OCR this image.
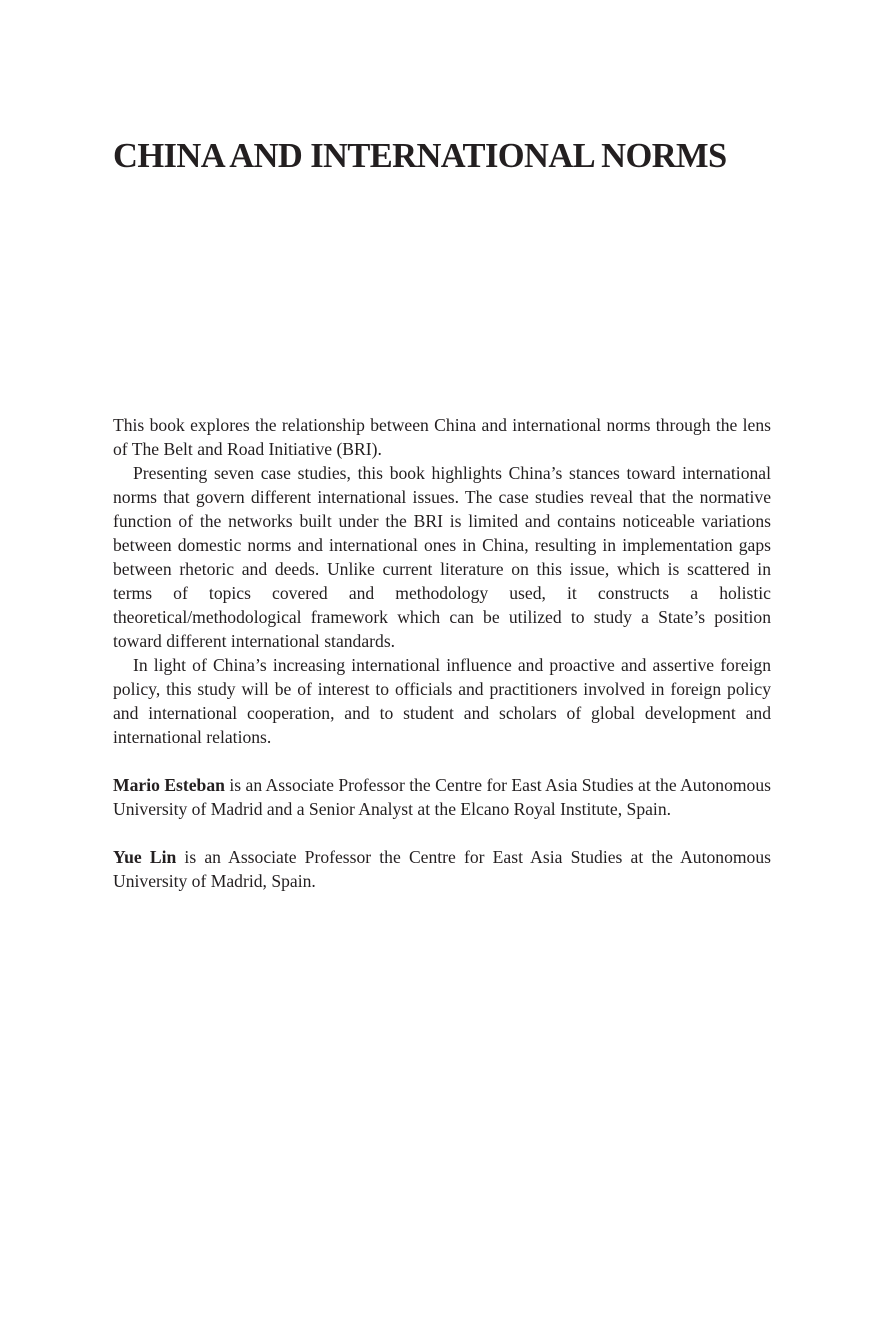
CHINA AND INTERNATIONAL NORMS

This book explores the relationship between China and international norms through the lens of The Belt and Road Initiative (BRI).

Presenting seven case studies, this book highlights China’s stances toward international norms that govern different international issues. The case studies reveal that the normative function of the networks built under the BRI is limited and contains noticeable variations between domestic norms and international ones in China, resulting in implementation gaps between rhetoric and deeds. Unlike current literature on this issue, which is scattered in terms of topics covered and methodology used, it constructs a holistic theoretical/methodological framework which can be utilized to study a State’s position toward different international standards.

In light of China’s increasing international influence and proactive and assertive foreign policy, this study will be of interest to officials and practitioners involved in foreign policy and international cooperation, and to student and scholars of global development and international relations.

Mario Esteban is an Associate Professor the Centre for East Asia Studies at the Autonomous University of Madrid and a Senior Analyst at the Elcano Royal Institute, Spain.

Yue Lin is an Associate Professor the Centre for East Asia Studies at the Autonomous University of Madrid, Spain.
